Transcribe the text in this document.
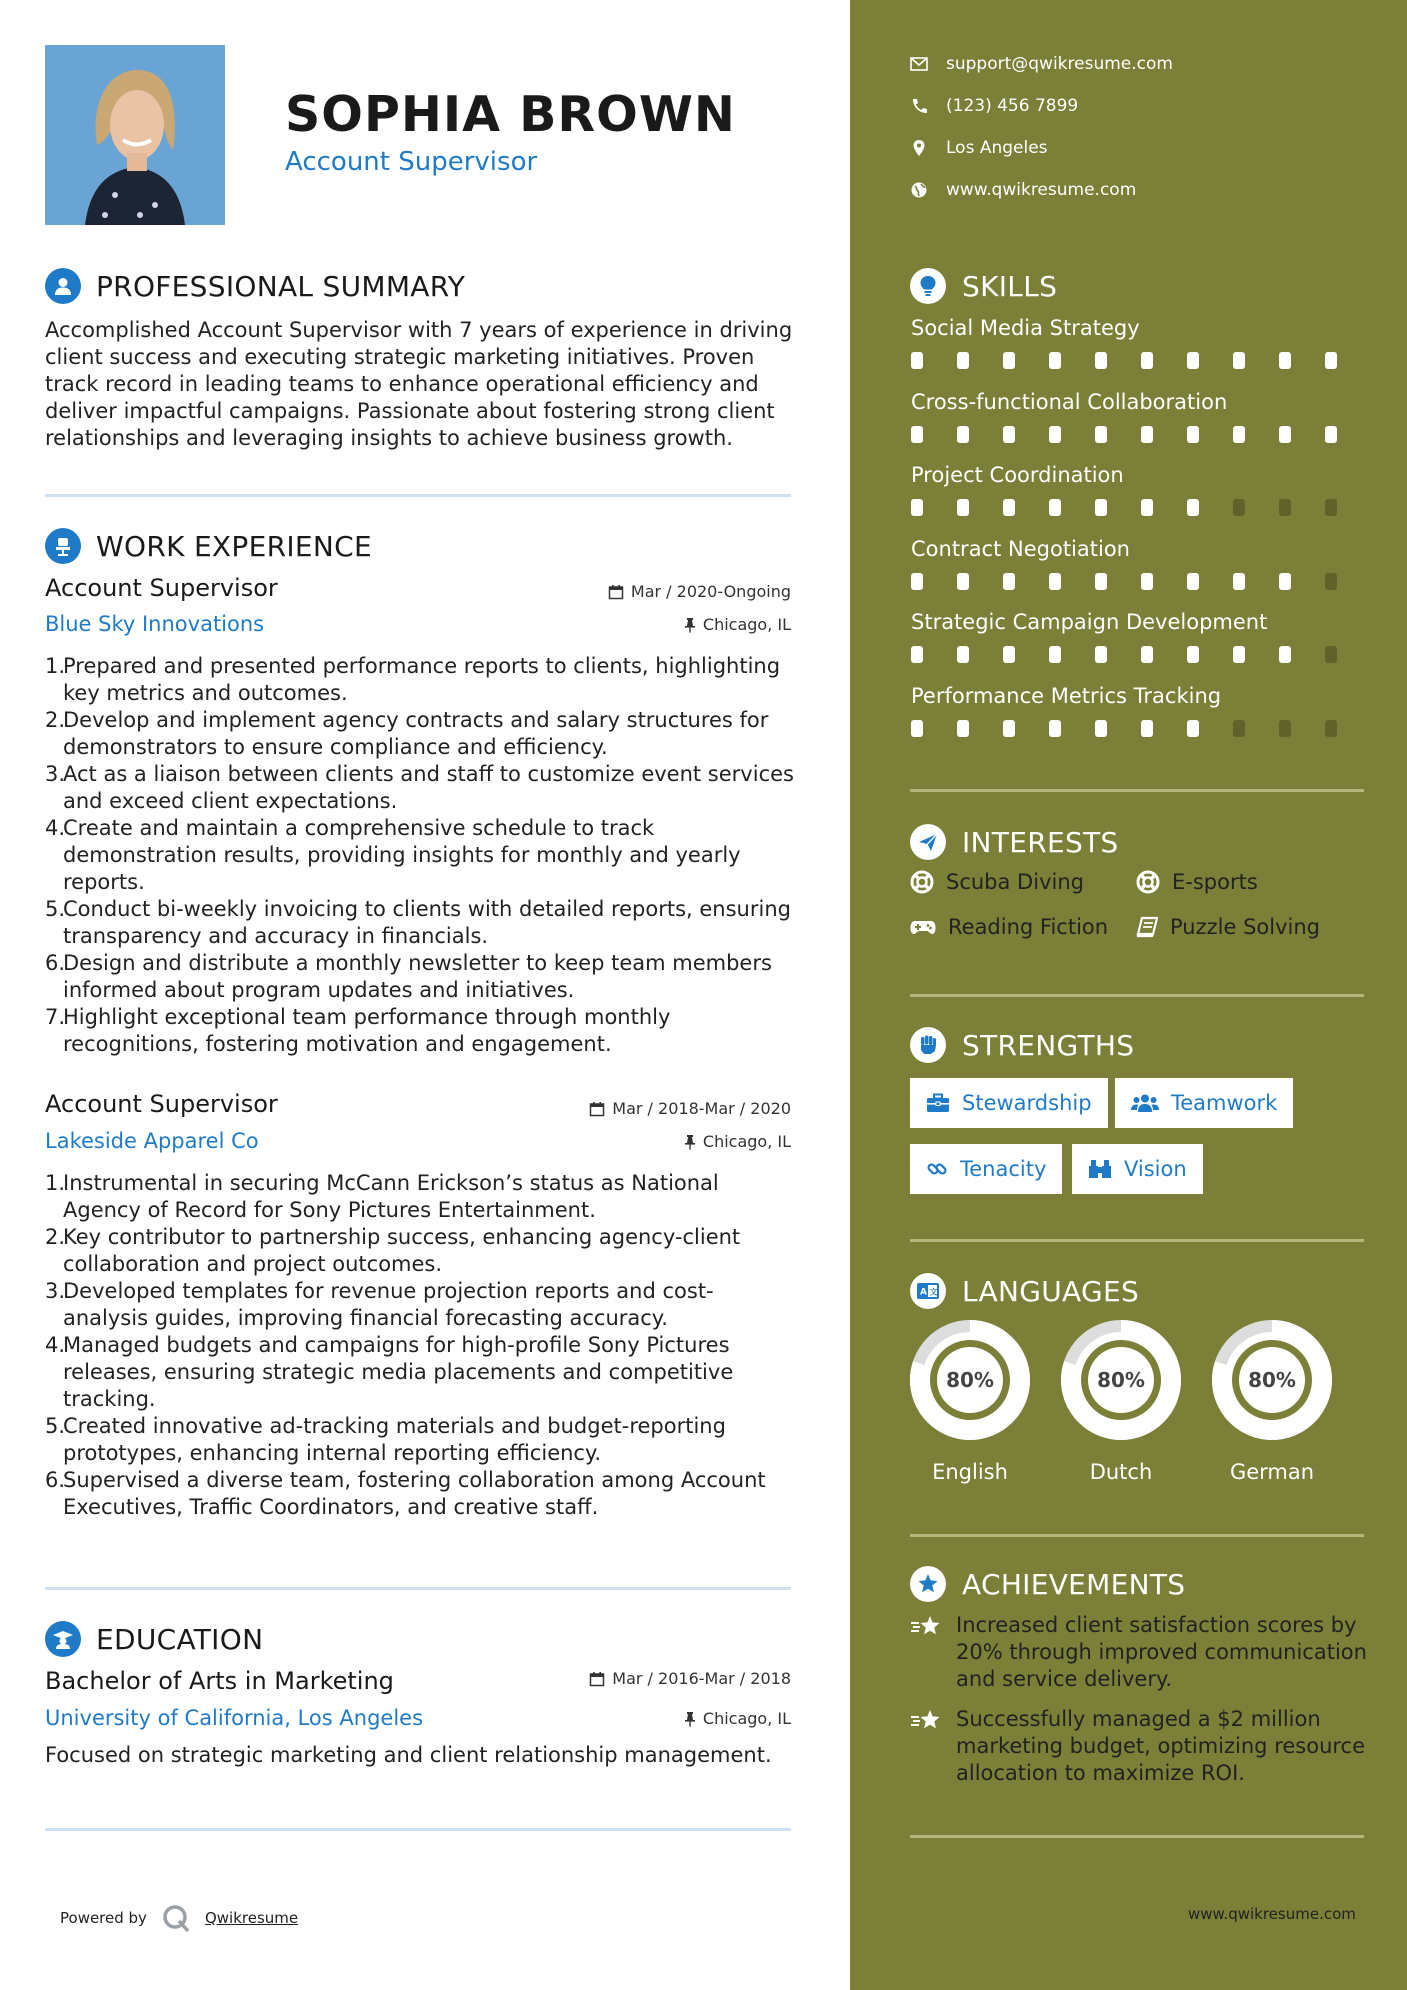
SOPHIA BROWN
Account Supervisor
PROFESSIONAL SUMMARY
Accomplished Account Supervisor with 7 years of experience in driving client success and executing strategic marketing initiatives. Proven track record in leading teams to enhance operational efficiency and deliver impactful campaigns. Passionate about fostering strong client relationships and leveraging insights to achieve business growth.
WORK EXPERIENCE
Account Supervisor	Mar / 2020-Ongoing
Blue Sky Innovations	Chicago, IL
1.
Prepared and presented performance reports to clients, highlighting key metrics and outcomes.
2.
Develop and implement agency contracts and salary structures for demonstrators to ensure compliance and efficiency.
3.
Act as a liaison between clients and staff to customize event services and exceed client expectations.
4.
Create and maintain a comprehensive schedule to track demonstration results, providing insights for monthly and yearly reports.
5.
Conduct bi-weekly invoicing to clients with detailed reports, ensuring transparency and accuracy in financials.
6.
Design and distribute a monthly newsletter to keep team members informed about program updates and initiatives.
7.
Highlight exceptional team performance through monthly recognitions, fostering motivation and engagement.
Account Supervisor	Mar / 2018-Mar / 2020
Lakeside Apparel Co	Chicago, IL
1.
Instrumental in securing McCann Erickson’s status as National Agency of Record for Sony Pictures Entertainment.
2.
Key contributor to partnership success, enhancing agency-client collaboration and project outcomes.
3.
Developed templates for revenue projection reports and cost-analysis guides, improving financial forecasting accuracy.
4.
Managed budgets and campaigns for high-profile Sony Pictures releases, ensuring strategic media placements and competitive tracking.
5.
Created innovative ad-tracking materials and budget-reporting prototypes, enhancing internal reporting efficiency.
6.
Supervised a diverse team, fostering collaboration among Account Executives, Traffic Coordinators, and creative staff.
EDUCATION
Bachelor of Arts in Marketing	Mar / 2016-Mar / 2018
University of California, Los Angeles	Chicago, IL
Focused on strategic marketing and client relationship management.
Powered by	Qwikresume
support@qwikresume.com
(123) 456 7899
Los Angeles
www.qwikresume.com
SKILLS
Social Media Strategy
Cross-functional Collaboration
Project Coordination
Contract Negotiation
Strategic Campaign Development
Performance Metrics Tracking
INTERESTS
Scuba Diving	E-sports
Reading Fiction	Puzzle Solving
STRENGTHS
Stewardship	Teamwork
Tenacity	Vision
A 文 LANGUAGES
80%
English
80%
Dutch
80%
German
ACHIEVEMENTS
Increased client satisfaction scores by 20% through improved communication and service delivery.
Successfully managed a $2 million marketing budget, optimizing resource allocation to maximize ROI.
www.qwikresume.com
